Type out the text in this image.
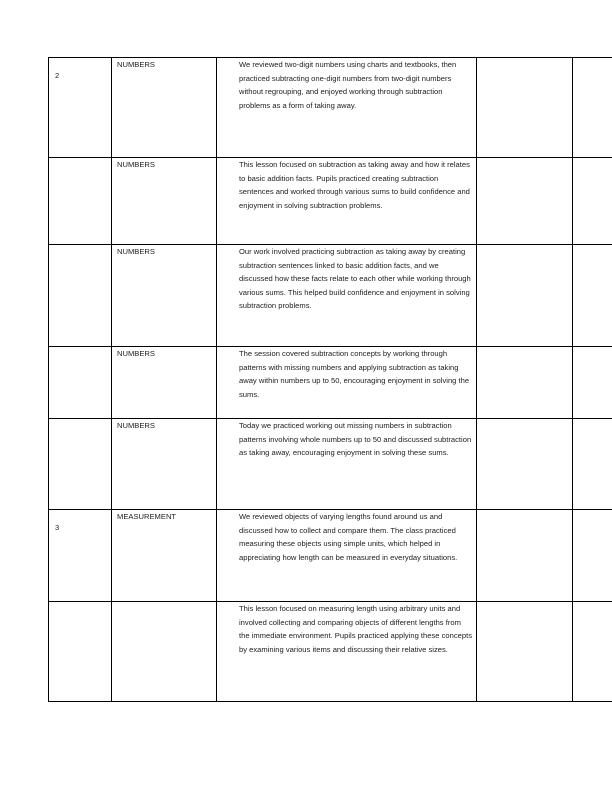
2	NUMBERS	We reviewed two-digit numbers using charts and textbooks, then practiced subtracting one-digit numbers from two-digit numbers without regrouping, and enjoyed working through subtraction problems as a form of taking away.		

	NUMBERS	This lesson focused on subtraction as taking away and how it relates to basic addition facts. Pupils practiced creating subtraction sentences and worked through various sums to build confidence and enjoyment in solving subtraction problems.		

	NUMBERS	Our work involved practicing subtraction as taking away by creating subtraction sentences linked to basic addition facts, and we discussed how these facts relate to each other while working through various sums. This helped build confidence and enjoyment in solving subtraction problems.		

	NUMBERS	The session covered subtraction concepts by working through patterns with missing numbers and applying subtraction as taking away within numbers up to 50, encouraging enjoyment in solving the sums.		

	NUMBERS	Today we practiced working out missing numbers in subtraction patterns involving whole numbers up to 50 and discussed subtraction as taking away, encouraging enjoyment in solving these sums.		

3	MEASUREMENT	We reviewed objects of varying lengths found around us and discussed how to collect and compare them. The class practiced measuring these objects using simple units, which helped in appreciating how length can be measured in everyday situations.		

		This lesson focused on measuring length using arbitrary units and involved collecting and comparing objects of different lengths from the immediate environment. Pupils practiced applying these concepts by examining various items and discussing their relative sizes.		
